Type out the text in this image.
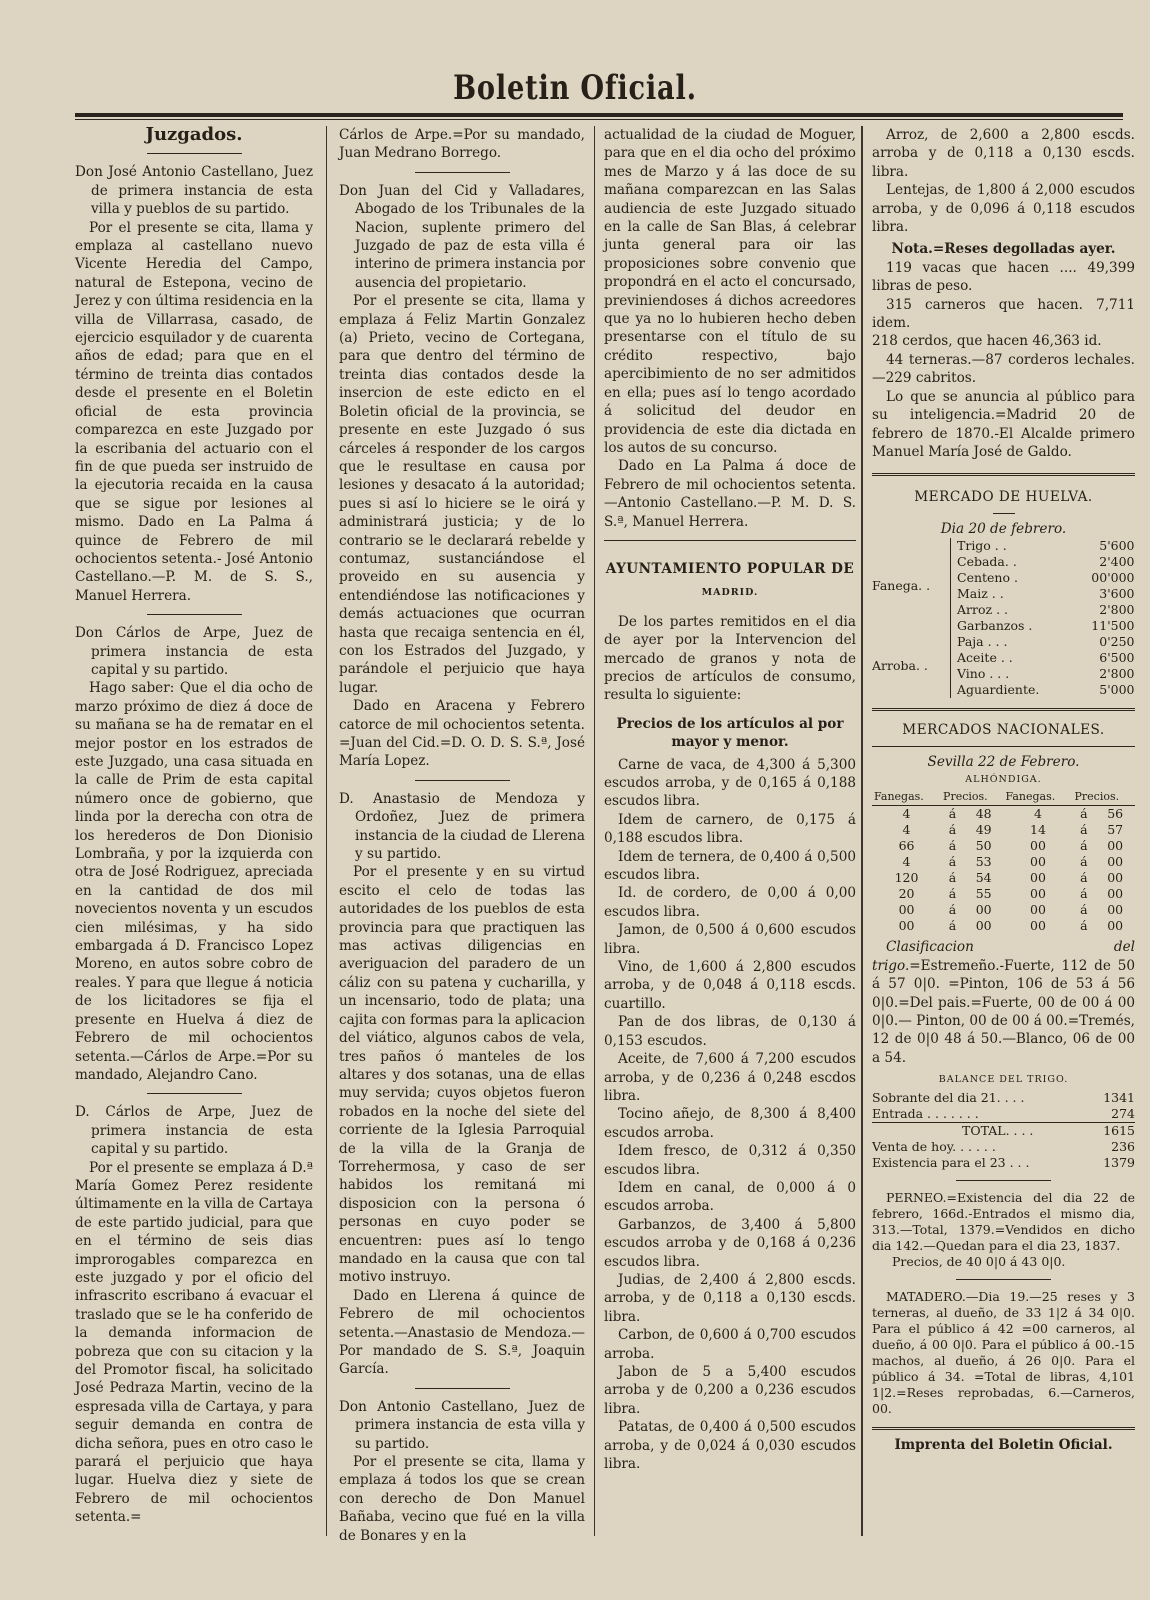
Boletin Oficial.

Juzgados.

Don José Antonio Castellano, Juez de primera instancia de esta villa y pueblos de su partido.

Por el presente se cita, llama y emplaza al castellano nuevo Vicente Heredia del Campo, natural de Estepona, vecino de Jerez y con última residencia en la villa de Villarrasa, casado, de ejercicio esquilador y de cuarenta años de edad; para que en el término de treinta dias contados desde el presente en el Boletin oficial de esta provincia comparezca en este Juzgado por la escribania del actuario con el fin de que pueda ser instruido de la ejecutoria recaida en la causa que se sigue por lesiones al mismo. Dado en La Palma á quince de Febrero de mil ochocientos setenta.- José Antonio Castellano.—P. M. de S. S., Manuel Herrera.

Don Cárlos de Arpe, Juez de primera instancia de esta capital y su partido.

Hago saber: Que el dia ocho de marzo próximo de diez á doce de su mañana se ha de rematar en el mejor postor en los estrados de este Juzgado, una casa situada en la calle de Prim de esta capital número once de gobierno, que linda por la derecha con otra de los herederos de Don Dionisio Lombraña, y por la izquierda con otra de José Rodriguez, apreciada en la cantidad de dos mil novecientos noventa y un escudos cien milésimas, y ha sido embargada á D. Francisco Lopez Moreno, en autos sobre cobro de reales. Y para que llegue á noticia de los licitadores se fija el presente en Huelva á diez de Febrero de mil ochocientos setenta.—Cárlos de Arpe.=Por su mandado, Alejandro Cano.

D. Cárlos de Arpe, Juez de primera instancia de esta capital y su partido.

Por el presente se emplaza á D.ª María Gomez Perez residente últimamente en la villa de Cartaya de este partido judicial, para que en el término de seis dias improrogables comparezca en este juzgado y por el oficio del infrascrito escribano á evacuar el traslado que se le ha conferido de la demanda informacion de pobreza que con su citacion y la del Promotor fiscal, ha solicitado José Pedraza Martin, vecino de la espresada villa de Cartaya, y para seguir demanda en contra de dicha señora, pues en otro caso le parará el perjuicio que haya lugar. Huelva diez y siete de Febrero de mil ochocientos setenta.=

Cárlos de Arpe.=Por su mandado, Juan Medrano Borrego.

Don Juan del Cid y Valladares, Abogado de los Tribunales de la Nacion, suplente primero del Juzgado de paz de esta villa é interino de primera instancia por ausencia del propietario.

Por el presente se cita, llama y emplaza á Feliz Martin Gonzalez (a) Prieto, vecino de Cortegana, para que dentro del término de treinta dias contados desde la insercion de este edicto en el Boletin oficial de la provincia, se presente en este Juzgado ó sus cárceles á responder de los cargos que le resultase en causa por lesiones y desacato á la autoridad; pues si así lo hiciere se le oirá y administrará justicia; y de lo contrario se le declarará rebelde y contumaz, sustanciándose el proveido en su ausencia y entendiéndose las notificaciones y demás actuaciones que ocurran hasta que recaiga sentencia en él, con los Estrados del Juzgado, y parándole el perjuicio que haya lugar.

Dado en Aracena y Febrero catorce de mil ochocientos setenta. =Juan del Cid.=D. O. D. S. S.ª, José María Lopez.

D. Anastasio de Mendoza y Ordoñez, Juez de primera instancia de la ciudad de Llerena y su partido.

Por el presente y en su virtud escito el celo de todas las autoridades de los pueblos de esta provincia para que practiquen las mas activas diligencias en averiguacion del paradero de un cáliz con su patena y cucharilla, y un incensario, todo de plata; una cajita con formas para la aplicacion del viático, algunos cabos de vela, tres paños ó manteles de los altares y dos sotanas, una de ellas muy servida; cuyos objetos fueron robados en la noche del siete del corriente de la Iglesia Parroquial de la villa de la Granja de Torrehermosa, y caso de ser habidos los remitaná mi disposicion con la persona ó personas en cuyo poder se encuentren: pues así lo tengo mandado en la causa que con tal motivo instruyo.

Dado en Llerena á quince de Febrero de mil ochocientos setenta.—Anastasio de Mendoza.—Por mandado de S. S.ª, Joaquin García.

Don Antonio Castellano, Juez de primera instancia de esta villa y su partido.

Por el presente se cita, llama y emplaza á todos los que se crean con derecho de Don Manuel Bañaba, vecino que fué en la villa de Bonares y en la

actualidad de la ciudad de Moguer, para que en el dia ocho del próximo mes de Marzo y á las doce de su mañana comparezcan en las Salas audiencia de este Juzgado situado en la calle de San Blas, á celebrar junta general para oir las proposiciones sobre convenio que propondrá en el acto el concursado, previniendoses á dichos acreedores que ya no lo hubieren hecho deben presentarse con el título de su crédito respectivo, bajo apercibimiento de no ser admitidos en ella; pues así lo tengo acordado á solicitud del deudor en providencia de este dia dictada en los autos de su concurso.

Dado en La Palma á doce de Febrero de mil ochocientos setenta.—Antonio Castellano.—P. M. D. S. S.ª, Manuel Herrera.

AYUNTAMIENTO POPULAR DE

MADRID.

De los partes remitidos en el dia de ayer por la Intervencion del mercado de granos y nota de precios de artículos de consumo, resulta lo siguiente:

Precios de los artículos al por mayor y menor.

Carne de vaca, de 4,300 á 5,300 escudos arroba, y de 0,165 á 0,188 escudos libra.

Idem de carnero, de 0,175 á 0,188 escudos libra.

Idem de ternera, de 0,400 á 0,500 escudos libra.

Id. de cordero, de 0,00 á 0,00 escudos libra.

Jamon, de 0,500 á 0,600 escudos libra.

Vino, de 1,600 á 2,800 escudos arroba, y de 0,048 á 0,118 escds. cuartillo.

Pan de dos libras, de 0,130 á 0,153 escudos.

Aceite, de 7,600 á 7,200 escudos arroba, y de 0,236 á 0,248 escdos libra.

Tocino añejo, de 8,300 á 8,400 escudos arroba.

Idem fresco, de 0,312 á 0,350 escudos libra.

Idem en canal, de 0,000 á 0 escudos arroba.

Garbanzos, de 3,400 á 5,800 escudos arroba y de 0,168 á 0,236 escudos libra.

Judias, de 2,400 á 2,800 escds. arroba, y de 0,118 a 0,130 escds. libra.

Carbon, de 0,600 á 0,700 escudos arroba.

Jabon de 5 a 5,400 escudos arroba y de 0,200 a 0,236 escudos libra.

Patatas, de 0,400 á 0,500 escudos arroba, y de 0,024 á 0,030 escudos libra.

Arroz, de 2,600 a 2,800 escds. arroba y de 0,118 a 0,130 escds. libra.

Lentejas, de 1,800 á 2,000 escudos arroba, y de 0,096 á 0,118 escudos libra.

Nota.=Reses degolladas ayer.

119 vacas que hacen .... 49,399 libras de peso.

315 carneros que hacen. 7,711 idem.

218 cerdos, que hacen 46,363 id.

44 terneras.—87 corderos lechales.—229 cabritos.

Lo que se anuncia al público para su inteligencia.=Madrid 20 de febrero de 1870.-El Alcalde primero Manuel María José de Galdo.

MERCADO DE HUELVA.

Dia 20 de febrero.

Fanega. .		Trigo . .	5'600
		Cebada. .	2'400
		Centeno .	00'000
		Maiz . .	3'600
		Arroz . .	2'800
		Garbanzos .	11'500
Arroba. .		Paja . . .	0'250
		Aceite . .	6'500
		Vino . . .	2'800
		Aguardiente.	5'000

MERCADOS NACIONALES.

Sevilla 22 de Febrero.

ALHÓNDIGA.

Fanegas.	Precios.		Fanegas.	Precios.	
4	á	48	4	á	56
4	á	49	14	á	57
66	á	50	00	á	00
4	á	53	00	á	00
120	á	54	00	á	00
20	á	55	00	á	00
00	á	00	00	á	00
00	á	00	00	á	00

Clasificacion del trigo.=Estremeño.-Fuerte, 112 de 50 á 57 0|0. =Pinton, 106 de 53 á 56 0|0.=Del pais.=Fuerte, 00 de 00 á 00 0|0.— Pinton, 00 de 00 á 00.=Tremés, 12 de 0|0 48 á 50.—Blanco, 06 de 00 a 54.

BALANCE DEL TRIGO.

Sobrante del dia 21. . . .	1341
Entrada . . . . . . .	274
TOTAL. . . .	1615
Venta de hoy. . . . . .	236
Existencia para el 23 . . .	1379

PERNEO.=Existencia del dia 22 de febrero, 166d.-Entrados el mismo dia, 313.—Total, 1379.=Vendidos en dicho dia 142.—Quedan para el dia 23, 1837.

Precios, de 40 0|0 á 43 0|0.

MATADERO.—Dia 19.—25 reses y 3 terneras, al dueño, de 33 1|2 á 34 0|0. Para el público á 42 =00 carneros, al dueño, á 00 0|0. Para el público á 00.-15 machos, al dueño, á 26 0|0. Para el público á 34. =Total de libras, 4,101 1|2.=Reses reprobadas, 6.—Carneros, 00.

Imprenta del Boletin Oficial.
